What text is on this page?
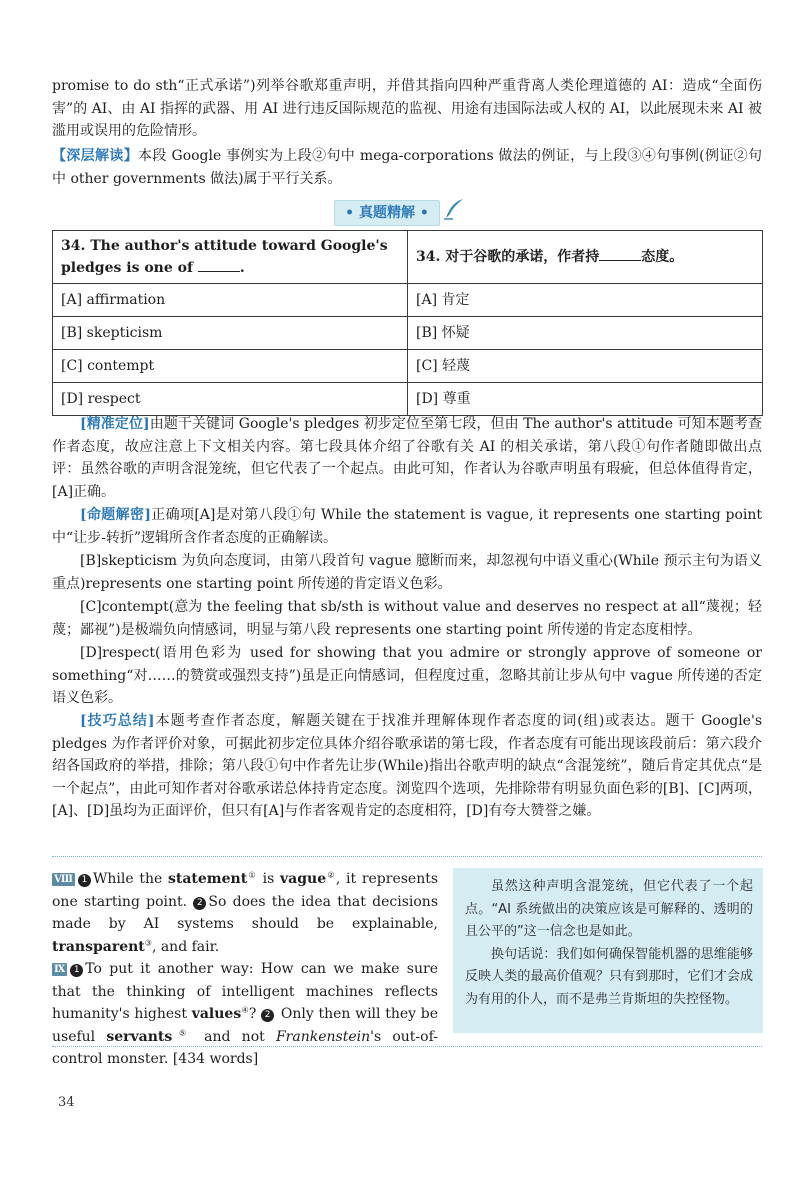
promise to do sth“正式承诺”)列举谷歌郑重声明，并借其指向四种严重背离人类伦理道德的 AI：造成“全面伤害”的 AI、由 AI 指挥的武器、用 AI 进行违反国际规范的监视、用途有违国际法或人权的 AI，以此展现未来 AI 被滥用或误用的危险情形。

【深层解读】本段 Google 事例实为上段②句中 mega-corporations 做法的例证，与上段③④句事例(例证②句中 other governments 做法)属于平行关系。

• 真题精解 •
34. The author's attitude toward Google's pledges is one of .	34. 对于谷歌的承诺，作者持 态度。
[A] affirmation	[A] 肯定
[B] skepticism	[B] 怀疑
[C] contempt	[C] 轻蔑
[D] respect	[D] 尊重

[精准定位]由题干关键词 Google's pledges 初步定位至第七段，但由 The author's attitude 可知本题考查作者态度，故应注意上下文相关内容。第七段具体介绍了谷歌有关 AI 的相关承诺，第八段①句作者随即做出点评：虽然谷歌的声明含混笼统，但它代表了一个起点。由此可知，作者认为谷歌声明虽有瑕疵，但总体值得肯定，[A]正确。

[命题解密]正确项[A]是对第八段①句 While the statement is vague, it represents one starting point 中“让步-转折”逻辑所含作者态度的正确解读。

[B]skepticism 为负向态度词，由第八段首句 vague 臆断而来，却忽视句中语义重心(While 预示主句为语义重点)represents one starting point 所传递的肯定语义色彩。

[C]contempt(意为 the feeling that sb/sth is without value and deserves no respect at all“蔑视；轻蔑；鄙视”)是极端负向情感词，明显与第八段 represents one starting point 所传递的肯定态度相悖。

[D]respect(语用色彩为 used for showing that you admire or strongly approve of someone or something“对……的赞赏或强烈支持”)虽是正向情感词，但程度过重，忽略其前让步从句中 vague 所传递的否定语义色彩。

[技巧总结]本题考查作者态度，解题关键在于找准并理解体现作者态度的词(组)或表达。题干 Google's pledges 为作者评价对象，可据此初步定位具体介绍谷歌承诺的第七段，作者态度有可能出现该段前后：第六段介绍各国政府的举措，排除；第八段①句中作者先让步(While)指出谷歌声明的缺点“含混笼统”，随后肯定其优点“是一个起点”，由此可知作者对谷歌承诺总体持肯定态度。浏览四个选项，先排除带有明显负面色彩的[B]、[C]两项，[A]、[D]虽均为正面评价，但只有[A]与作者客观肯定的态度相符，[D]有夸大赞誉之嫌。

Ⅷ 1 While the statement① is vague②, it represents one starting point. 2 So does the idea that decisions made by AI systems should be explainable, transparent③, and fair.

Ⅸ 1 To put it another way: How can we make sure that the thinking of intelligent machines reflects humanity's highest values④? 2 Only then will they be useful servants⑤ and not Frankenstein's out-of-control monster. [434 words]

虽然这种声明含混笼统，但它代表了一个起点。“AI 系统做出的决策应该是可解释的、透明的且公平的”这一信念也是如此。

换句话说：我们如何确保智能机器的思维能够反映人类的最高价值观？只有到那时，它们才会成为有用的仆人，而不是弗兰肯斯坦的失控怪物。

34
